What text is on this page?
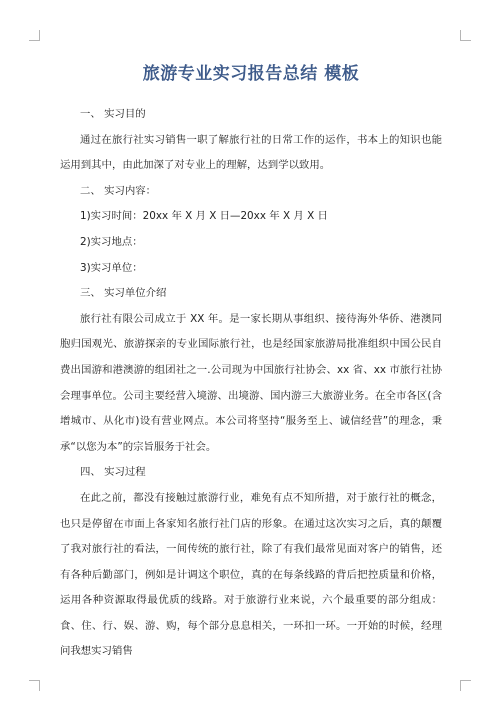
旅游专业实习报告总结 模板

一、 实习目的

通过在旅行社实习销售一职了解旅行社的日常工作的运作，书本上的知识也能运用到其中，由此加深了对专业上的理解，达到学以致用。

二、 实习内容：

1)实习时间：20xx 年 X 月 X 日—20xx 年 X 月 X 日

2)实习地点：

3)实习单位：

三、 实习单位介绍

旅行社有限公司成立于 XX 年。是一家长期从事组织、接待海外华侨、港澳同胞归国观光、旅游探亲的专业国际旅行社，也是经国家旅游局批准组织中国公民自费出国游和港澳游的组团社之一.公司现为中国旅行社协会、xx 省、xx 市旅行社协会理事单位。公司主要经营入境游、出境游、国内游三大旅游业务。在全市各区(含增城市、从化市)设有营业网点。本公司将坚持“服务至上、诚信经营”的理念，秉承“以您为本”的宗旨服务于社会。

四、 实习过程

在此之前，都没有接触过旅游行业，难免有点不知所措，对于旅行社的概念，也只是停留在市面上各家知名旅行社门店的形象。在通过这次实习之后，真的颠覆了我对旅行社的看法，一间传统的旅行社，除了有我们最常见面对客户的销售，还有各种后勤部门，例如是计调这个职位，真的在每条线路的背后把控质量和价格，运用各种资源取得最优质的线路。对于旅游行业来说，六个最重要的部分组成：食、住、行、娱、游、购，每个部分息息相关，一环扣一环。一开始的时候，经理问我想实习销售
